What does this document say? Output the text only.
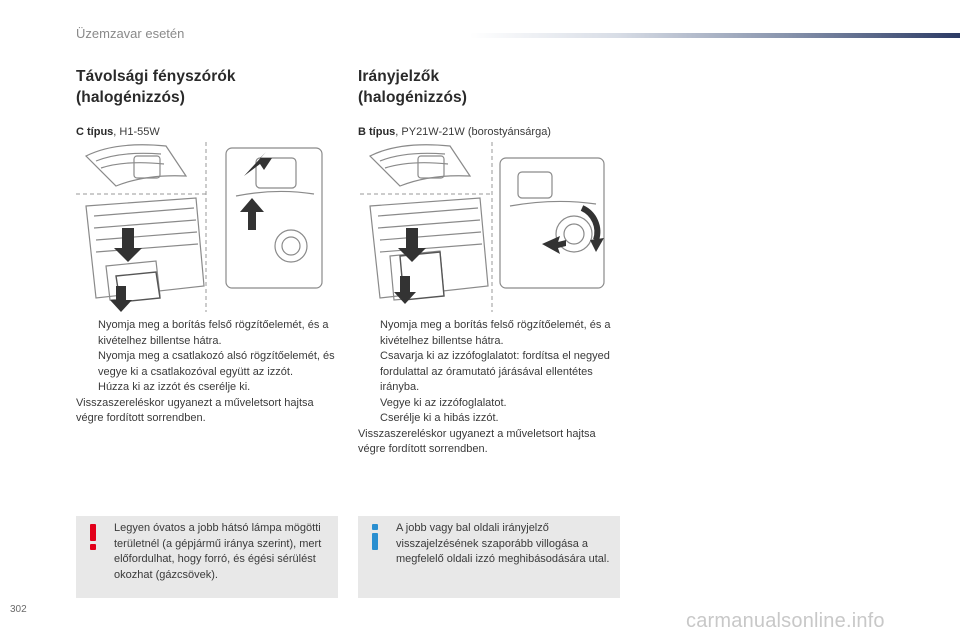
Üzemzavar esetén
Távolsági fényszórók
(halogénizzós)
C típus, H1-55W
Nyomja meg a borítás felső rögzítőelemét, és a kivételhez billentse hátra.
Nyomja meg a csatlakozó alsó rögzítőelemét, és vegye ki a csatlakozóval együtt az izzót.
Húzza ki az izzót és cserélje ki.
Visszaszereléskor ugyanezt a műveletsort hajtsa végre fordított sorrendben.
Legyen óvatos a jobb hátsó lámpa mögötti területnél (a gépjármű iránya szerint), mert előfordulhat, hogy forró, és égési sérülést okozhat (gázcsövek).
Irányjelzők
(halogénizzós)
B típus, PY21W-21W (borostyánsárga)
Nyomja meg a borítás felső rögzítőelemét, és a kivételhez billentse hátra.
Csavarja ki az izzófoglalatot: fordítsa el negyed fordulattal az óramutató járásával ellentétes irányba.
Vegye ki az izzófoglalatot.
Cserélje ki a hibás izzót.
Visszaszereléskor ugyanezt a műveletsort hajtsa végre fordított sorrendben.
A jobb vagy bal oldali irányjelző visszajelzésének szaporább villogása a megfelelő oldali izzó meghibásodására utal.
302
carmanualsonline.info
